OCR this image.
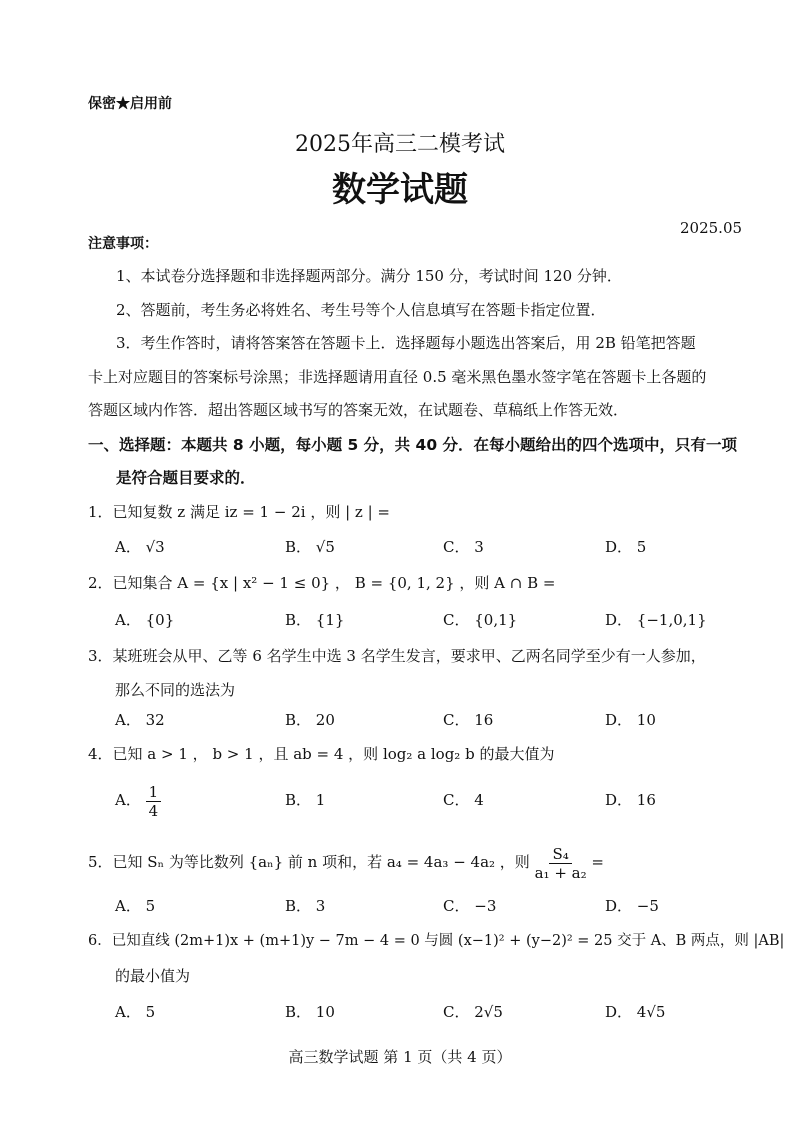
保密★启用前
2025年高三二模考试
数学试题
2025.05
注意事项：
1、本试卷分选择题和非选择题两部分。满分 150 分，考试时间 120 分钟．
2、答题前，考生务必将姓名、考生号等个人信息填写在答题卡指定位置．
3．考生作答时，请将答案答在答题卡上．选择题每小题选出答案后，用 2B 铅笔把答题
卡上对应题目的答案标号涂黑；非选择题请用直径 0.5 毫米黑色墨水签字笔在答题卡上各题的
答题区域内作答．超出答题区域书写的答案无效，在试题卷、草稿纸上作答无效．
一、选择题：本题共 8 小题，每小题 5 分，共 40 分．在每小题给出的四个选项中，只有一项
是符合题目要求的．
1．已知复数 z 满足 iz = 1 − 2i ，则 | z | =
A． √3	B． √5	C． 3	D． 5
2．已知集合 A = {x | x² − 1 ≤ 0} ， B = {0, 1, 2} ，则 A ∩ B =
A． {0}	B． {1}	C． {0,1}	D． {−1,0,1}
3．某班班会从甲、乙等 6 名学生中选 3 名学生发言，要求甲、乙两名同学至少有一人参加，
那么不同的选法为
A． 32	B． 20	C． 16	D． 10
4．已知 a > 1 ， b > 1 ，且 ab = 4 ，则 log₂ a log₂ b 的最大值为
A． $\frac{1}{4}$	B． 1	C． 4	D． 16
5．已知 Sₙ 为等比数列 {aₙ} 前 n 项和，若 a₄ = 4a₃ − 4a₂ ，则 $\frac{\text{S₄}}{\text{a₁ + a₂}}$ =
A． 5	B． 3	C． −3	D． −5
6．已知直线 (2m+1)x + (m+1)y − 7m − 4 = 0 与圆 (x−1)² + (y−2)² = 25 交于 A、B 两点，则 |AB|
的最小值为
A． 5	B． 10	C． 2√5	D． 4√5
高三数学试题 第 1 页（共 4 页）
